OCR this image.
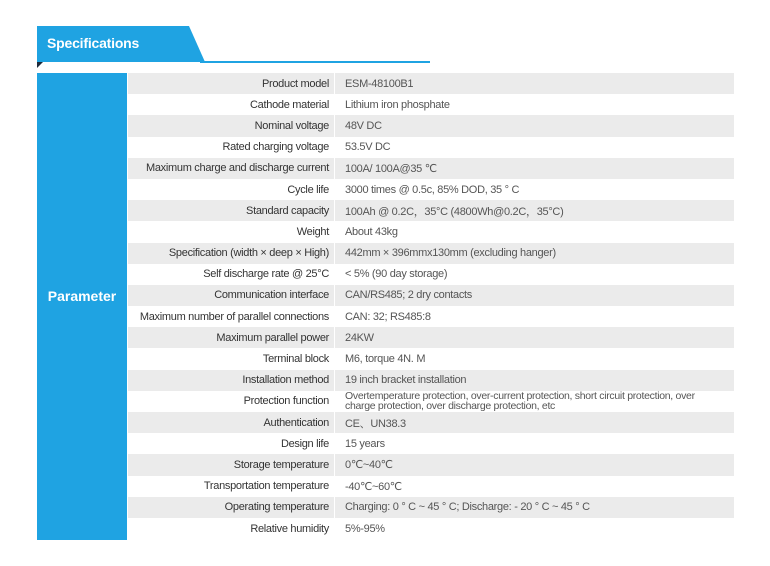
Specifications
Parameter
Product model ESM-48100B1
Cathode material Lithium iron phosphate
Nominal voltage 48V DC
Rated charging voltage 53.5V DC
Maximum charge and discharge current 100A/ 100A@35 ℃
Cycle life 3000 times @ 0.5c, 85% DOD, 35 ° C
Standard capacity 100Ah @ 0.2C，35°C (4800Wh@0.2C，35°C)
Weight About 43kg
Specification (width × deep × High) 442mm × 396mmx130mm (excluding hanger)
Self discharge rate @ 25°C < 5% (90 day storage)
Communication interface CAN/RS485; 2 dry contacts
Maximum number of parallel connections CAN: 32; RS485:8
Maximum parallel power 24KW
Terminal block M6, torque 4N. M
Installation method 19 inch bracket installation
Protection function Overtemperature protection, over-current protection, short circuit protection, over charge protection, over discharge protection, etc
Authentication CE、UN38.3
Design life 15 years
Storage temperature 0℃~40℃
Transportation temperature -40℃~60℃
Operating temperature Charging: 0 ° C ~ 45 ° C; Discharge: - 20 ° C ~ 45 ° C
Relative humidity 5%-95%
